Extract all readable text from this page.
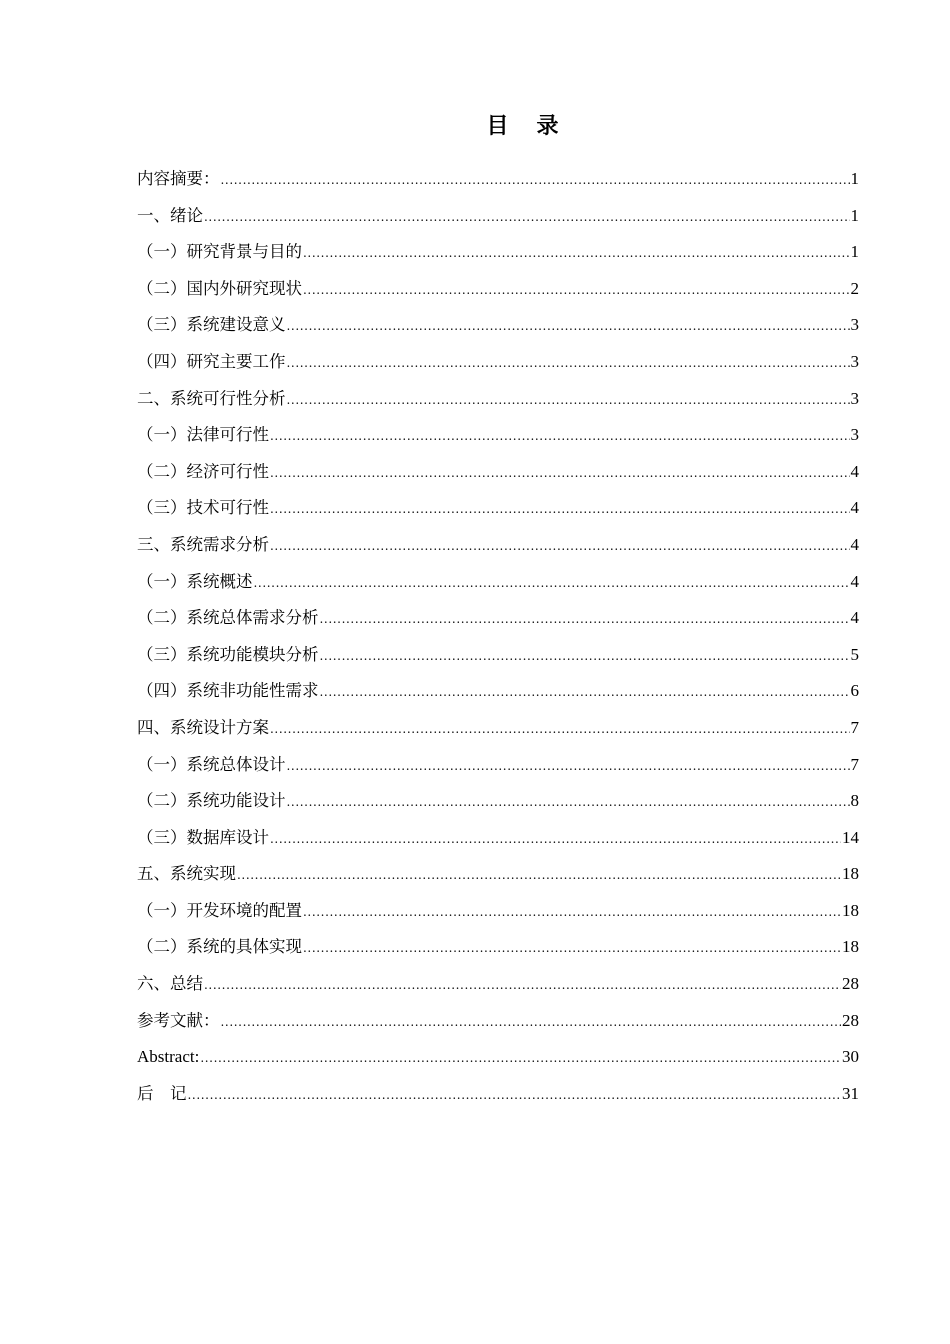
目 录
内容摘要： .....	1
一、绪论 .....	1
（一）研究背景与目的 .....	1
（二）国内外研究现状 .....	2
（三）系统建设意义 .....	3
（四）研究主要工作 .....	3
二、系统可行性分析 .....	3
（一）法律可行性 .....	3
（二）经济可行性 .....	4
（三）技术可行性 .....	4
三、系统需求分析 .....	4
（一）系统概述 .....	4
（二）系统总体需求分析 .....	4
（三）系统功能模块分析 .....	5
（四）系统非功能性需求 .....	6
四、系统设计方案 .....	7
（一）系统总体设计 .....	7
（二）系统功能设计 .....	8
（三）数据库设计 .....	14
五、系统实现 .....	18
（一）开发环境的配置 .....	18
（二）系统的具体实现 .....	18
六、总结 .....	28
参考文献： .....	28
Abstract: .....	30
后　记 .....	31
